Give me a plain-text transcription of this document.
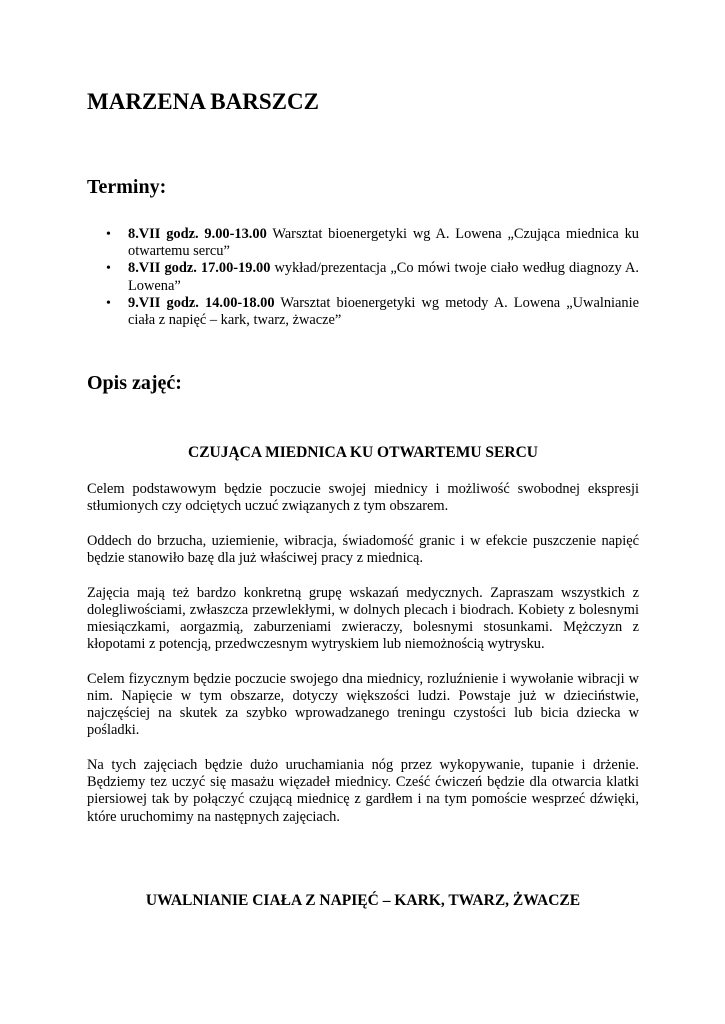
MARZENA BARSZCZ
Terminy:
• 8.VII godz. 9.00-13.00 Warsztat bioenergetyki wg A. Lowena „Czująca miednica ku otwartemu sercu”
• 8.VII godz. 17.00-19.00 wykład/prezentacja „Co mówi twoje ciało według diagnozy A. Lowena”
• 9.VII godz. 14.00-18.00 Warsztat bioenergetyki wg metody A. Lowena „Uwalnianie ciała z napięć – kark, twarz, żwacze”
Opis zajęć:
CZUJĄCA MIEDNICA KU OTWARTEMU SERCU

Celem podstawowym będzie poczucie swojej miednicy i możliwość swobodnej ekspresji stłumionych czy odciętych uczuć związanych z tym obszarem.

Oddech do brzucha, uziemienie, wibracja, świadomość granic i w efekcie puszczenie napięć będzie stanowiło bazę dla już właściwej pracy z miednicą.

Zajęcia mają też bardzo konkretną grupę wskazań medycznych. Zapraszam wszystkich z dolegliwościami, zwłaszcza przewlekłymi, w dolnych plecach i biodrach. Kobiety z bolesnymi miesiączkami, aorgazmią, zaburzeniami zwieraczy, bolesnymi stosunkami. Mężczyzn z kłopotami z potencją, przedwczesnym wytryskiem lub niemożnością wytrysku.

Celem fizycznym będzie poczucie swojego dna miednicy, rozluźnienie i wywołanie wibracji w nim. Napięcie w tym obszarze, dotyczy większości ludzi. Powstaje już w dzieciństwie, najczęściej na skutek za szybko wprowadzanego treningu czystości lub bicia dziecka w pośladki.

Na tych zajęciach będzie dużo uruchamiania nóg przez wykopywanie, tupanie i drżenie. Będziemy tez uczyć się masażu więzadeł miednicy. Cześć ćwiczeń będzie dla otwarcia klatki piersiowej tak by połączyć czującą miednicę z gardłem i na tym pomoście wesprzeć dźwięki, które uruchomimy na następnych zajęciach.

UWALNIANIE CIAŁA Z NAPIĘĆ – KARK, TWARZ, ŻWACZE
